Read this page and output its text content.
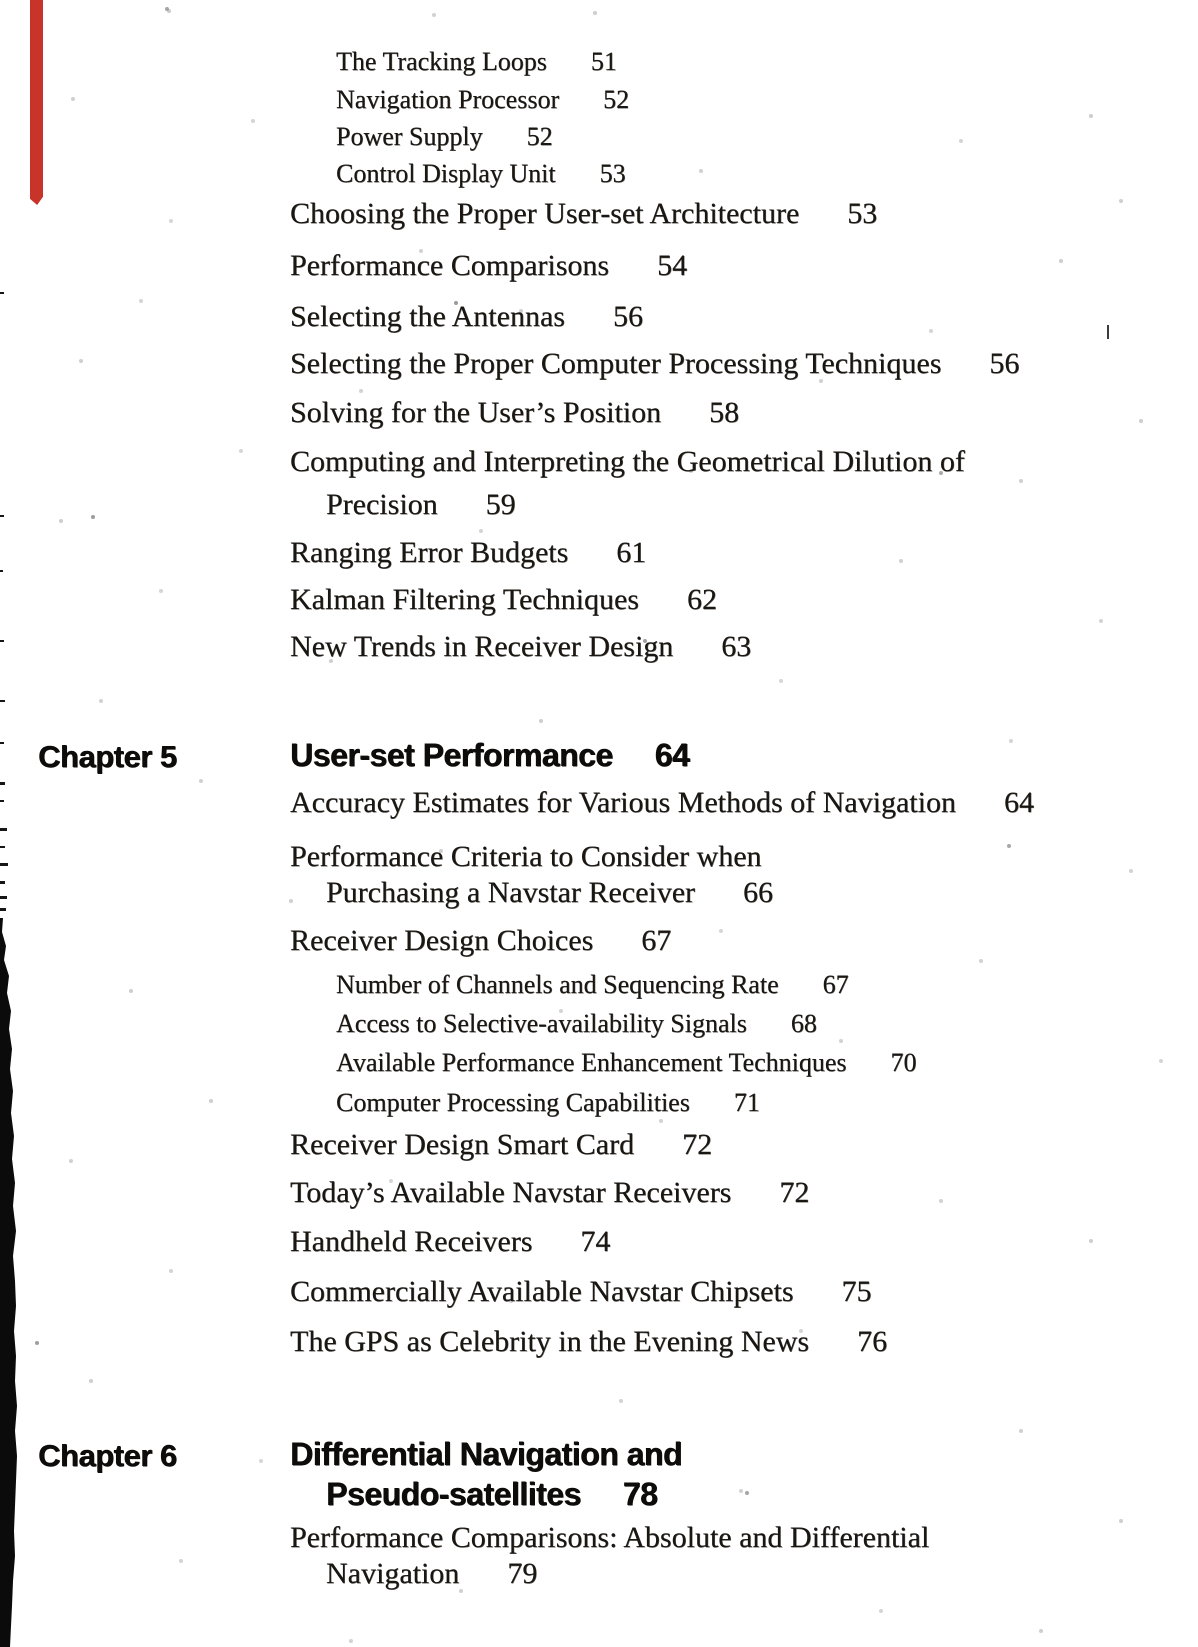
The Tracking Loops 51
Navigation Processor 52
Power Supply 52
Control Display Unit 53
Choosing the Proper User-set Architecture 53
Performance Comparisons 54
Selecting the Antennas 56
Selecting the Proper Computer Processing Techniques 56
Solving for the User’s Position 58
Computing and Interpreting the Geometrical Dilution of
Precision 59
Ranging Error Budgets 61
Kalman Filtering Techniques 62
New Trends in Receiver Design 63
Chapter 5	User-set Performance 64
Accuracy Estimates for Various Methods of Navigation 64
Performance Criteria to Consider when
Purchasing a Navstar Receiver 66
Receiver Design Choices 67
Number of Channels and Sequencing Rate 67
Access to Selective-availability Signals 68
Available Performance Enhancement Techniques 70
Computer Processing Capabilities 71
Receiver Design Smart Card 72
Today’s Available Navstar Receivers 72
Handheld Receivers 74
Commercially Available Navstar Chipsets 75
The GPS as Celebrity in the Evening News 76
Chapter 6	Differential Navigation and
Pseudo-satellites 78
Performance Comparisons: Absolute and Differential
Navigation 79
